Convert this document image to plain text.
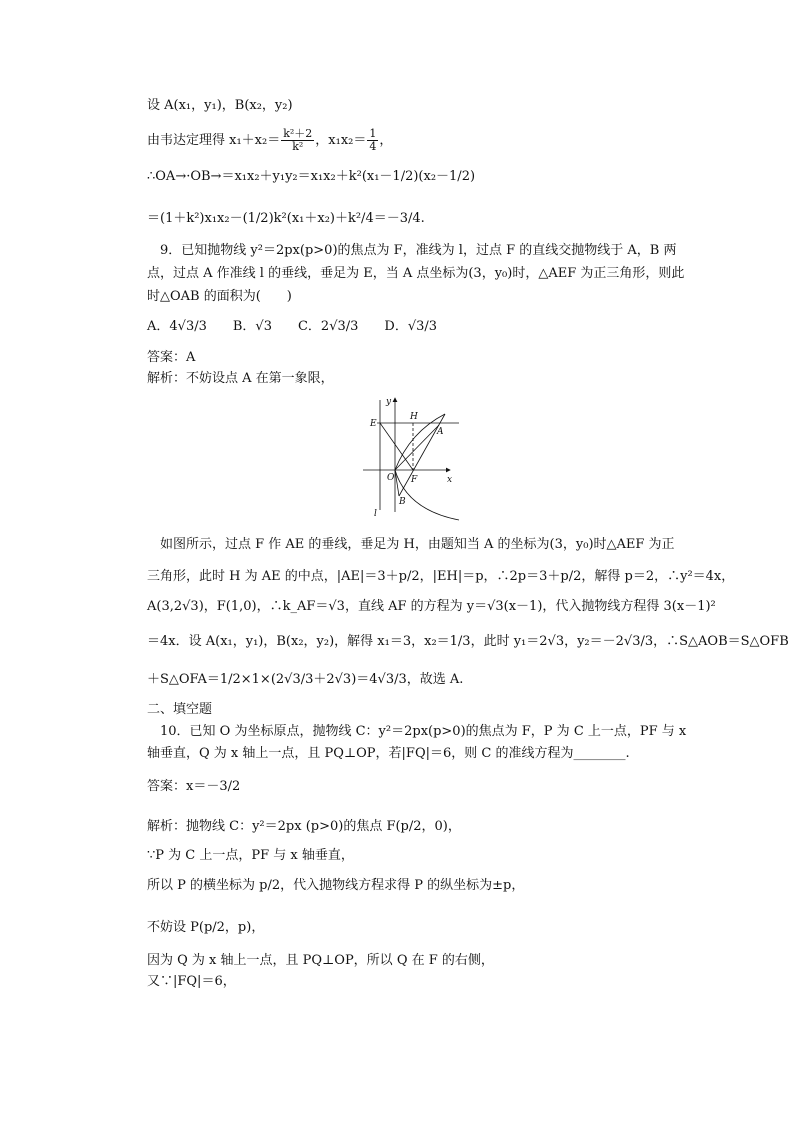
设 A(x₁，y₁)，B(x₂，y₂)
由韦达定理得 $x_1+x_2= \frac{\text{k²＋2}}{\text{k²}}$ ，$x_1x_2= \frac{1}{4}$ ，
∴OA→·OB→＝x₁x₂＋y₁y₂＝x₁x₂＋k²(x₁－1/2)(x₂－1/2)
＝(1＋k²)x₁x₂－(1/2)k²(x₁＋x₂)＋k²/4＝－3/4.
9．已知抛物线 y²＝2px(p>0)的焦点为 F，准线为 l，过点 F 的直线交抛物线于 A，B 两
点，过点 A 作准线 l 的垂线，垂足为 E，当 A 点坐标为(3，y₀)时，△AEF 为正三角形，则此
时△OAB 的面积为(　　)
A．4√3/3　　B．√3　　C．2√3/3　　D．√3/3
答案：A
解析：不妨设点 A 在第一象限，
y
x
E
H
A
O F
B
l
如图所示，过点 F 作 AE 的垂线，垂足为 H，由题知当 A 的坐标为(3，y₀)时△AEF 为正
三角形，此时 H 为 AE 的中点，|AE|＝3＋p/2，|EH|＝p，∴2p＝3＋p/2，解得 p＝2，∴y²＝4x，
A(3,2√3)，F(1,0)，∴k_AF＝√3，直线 AF 的方程为 y＝√3(x－1)，代入抛物线方程得 3(x－1)²
＝4x．设 A(x₁，y₁)，B(x₂，y₂)，解得 x₁＝3，x₂＝1/3，此时 y₁＝2√3，y₂＝－2√3/3，∴S△AOB＝S△OFB
＋S△OFA＝1/2×1×(2√3/3＋2√3)＝4√3/3，故选 A.
二、填空题
10．已知 O 为坐标原点，抛物线 C：y²＝2px(p>0)的焦点为 F，P 为 C 上一点，PF 与 x
轴垂直，Q 为 x 轴上一点，且 PQ⊥OP，若|FQ|＝6，则 C 的准线方程为________.
答案：x＝－3/2
解析：抛物线 C：y²＝2px (p>0)的焦点 F(p/2，0)，
∵P 为 C 上一点，PF 与 x 轴垂直，
所以 P 的横坐标为 p/2，代入抛物线方程求得 P 的纵坐标为±p，
不妨设 P(p/2，p)，
因为 Q 为 x 轴上一点，且 PQ⊥OP，所以 Q 在 F 的右侧，
又∵|FQ|＝6，
